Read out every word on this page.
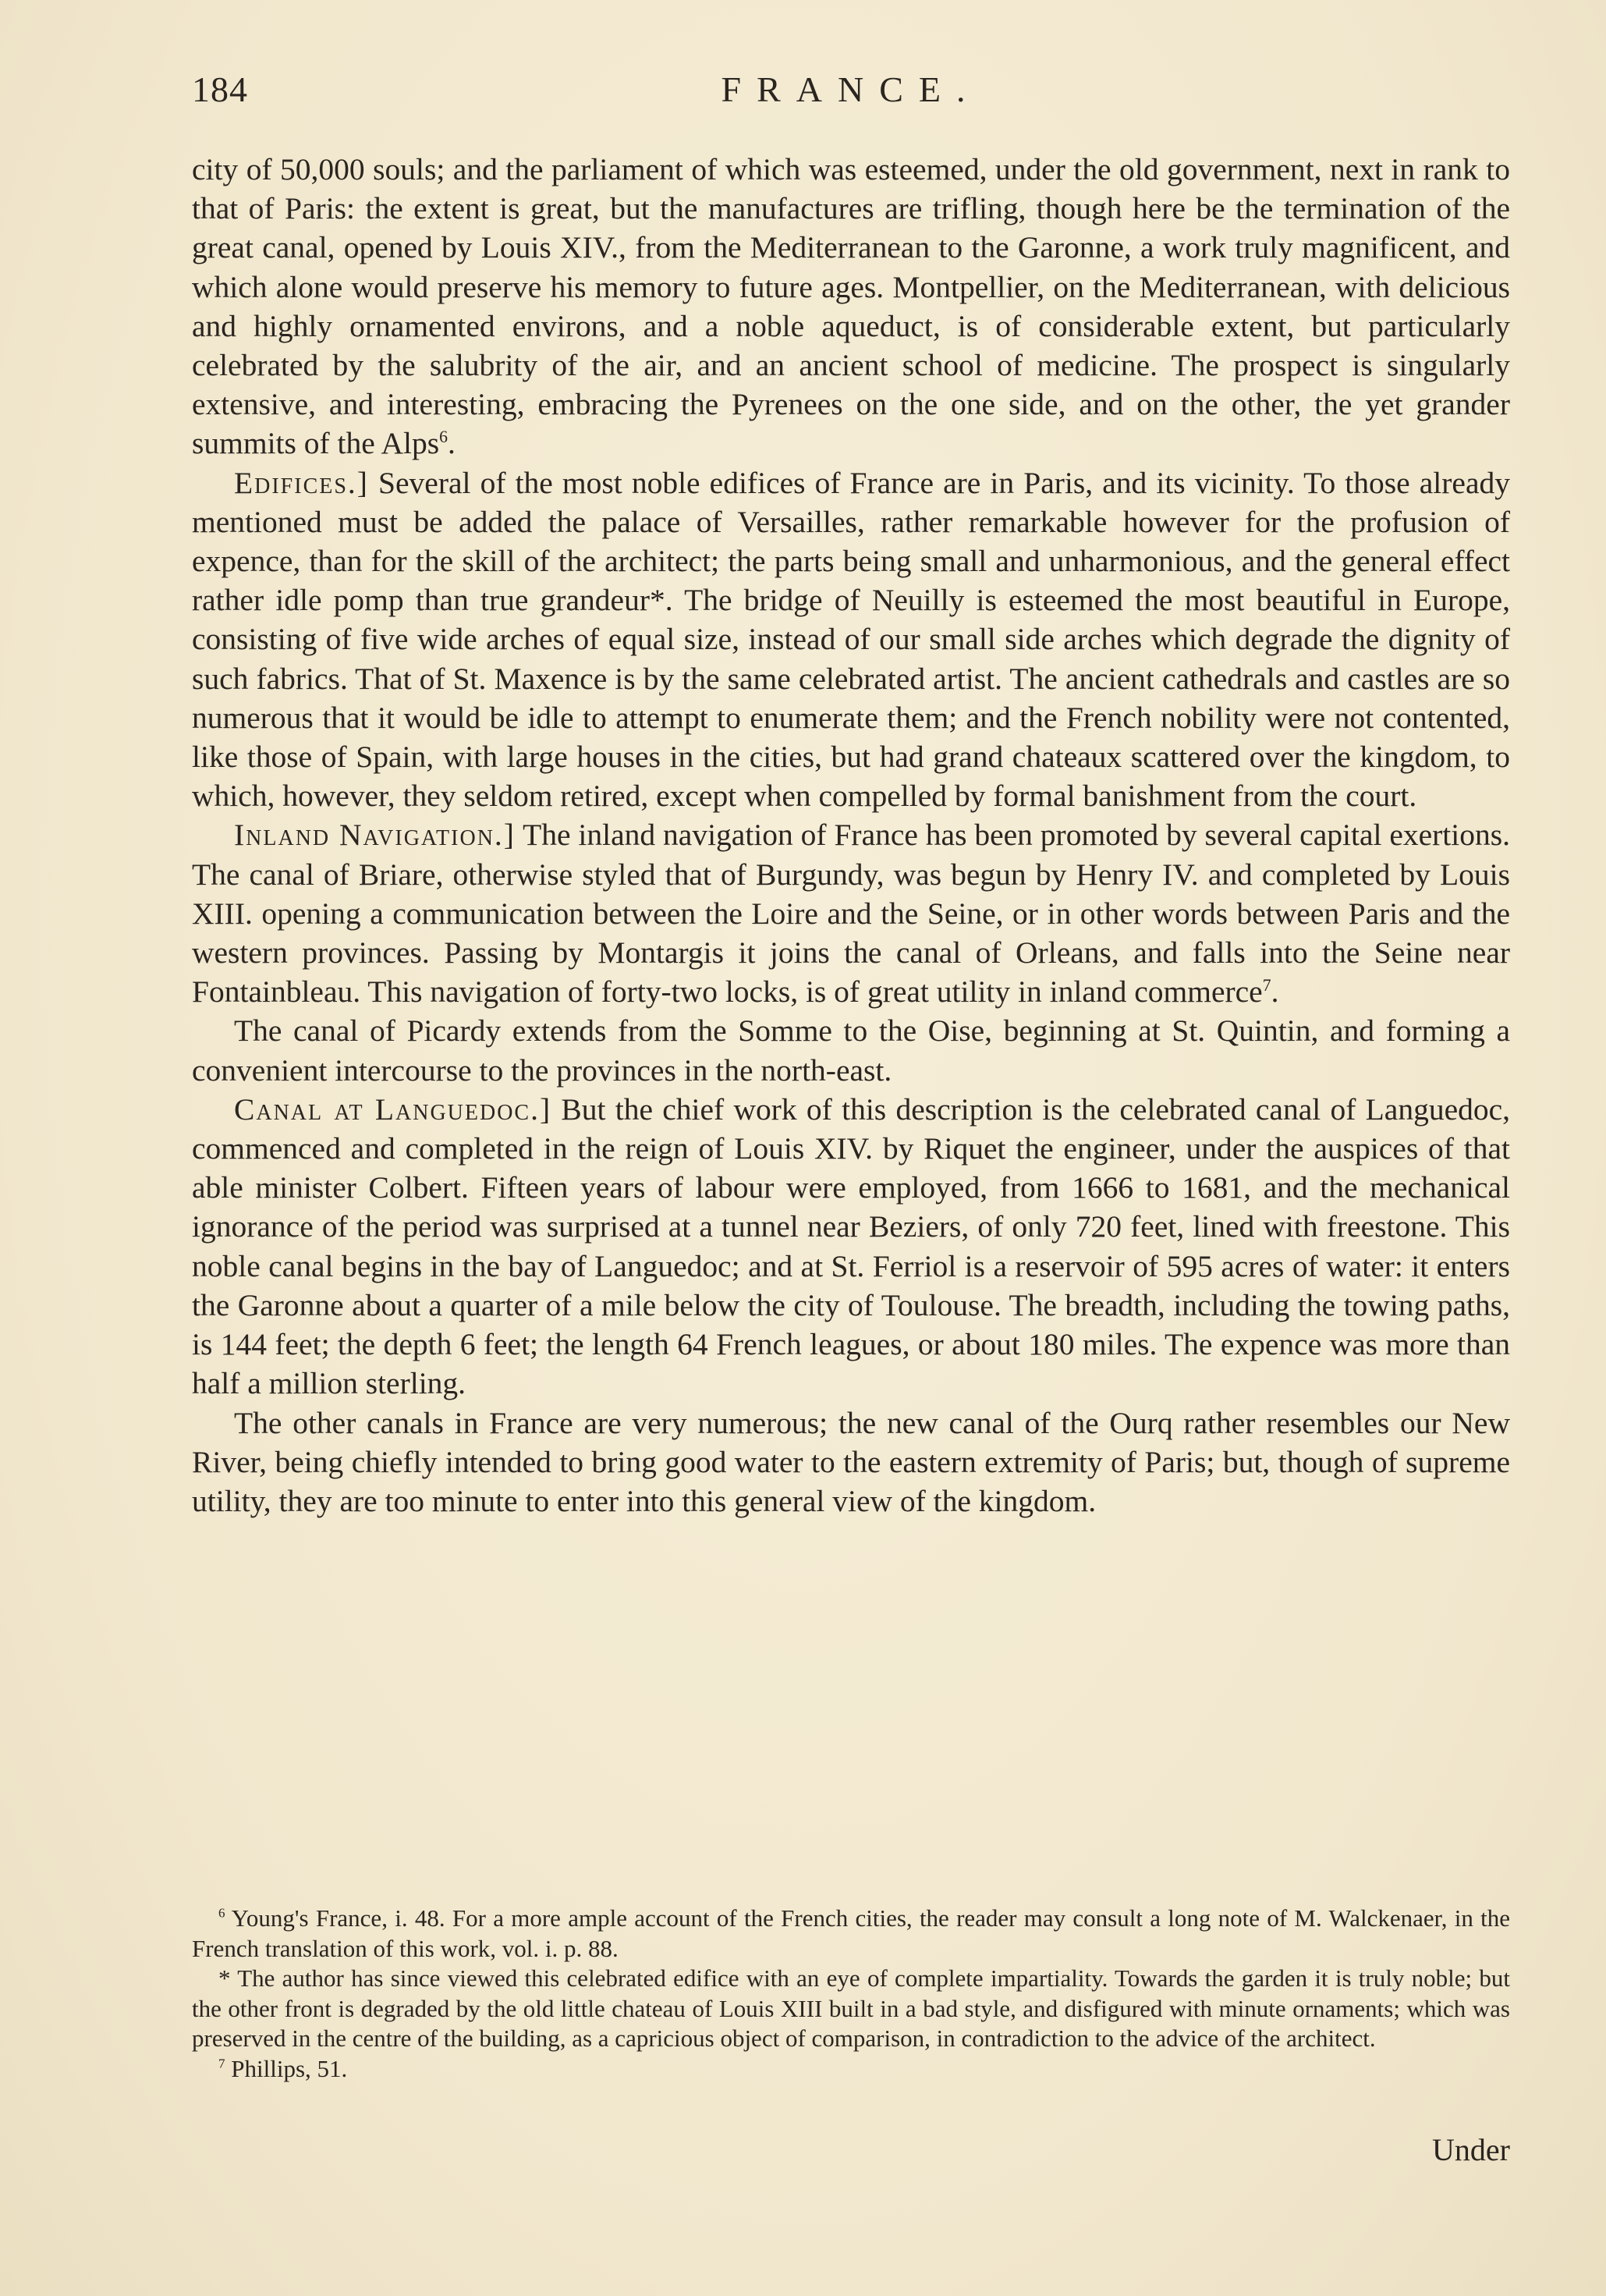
184	FRANCE.

city of 50,000 souls; and the parliament of which was esteemed, under the old government, next in rank to that of Paris: the extent is great, but the manufactures are trifling, though here be the termination of the great canal, opened by Louis XIV., from the Mediterranean to the Garonne, a work truly magnificent, and which alone would preserve his memory to future ages. Montpellier, on the Mediterranean, with delicious and highly ornamented environs, and a noble aqueduct, is of considerable extent, but particularly celebrated by the salubrity of the air, and an ancient school of medicine. The prospect is singularly extensive, and interesting, embracing the Pyrenees on the one side, and on the other, the yet grander summits of the Alps$^6$.

Edifices.] Several of the most noble edifices of France are in Paris, and its vicinity. To those already mentioned must be added the palace of Versailles, rather remarkable however for the profusion of expence, than for the skill of the architect; the parts being small and unharmonious, and the general effect rather idle pomp than true grandeur*. The bridge of Neuilly is esteemed the most beautiful in Europe, consisting of five wide arches of equal size, instead of our small side arches which degrade the dignity of such fabrics. That of St. Maxence is by the same celebrated artist. The ancient cathedrals and castles are so numerous that it would be idle to attempt to enumerate them; and the French nobility were not contented, like those of Spain, with large houses in the cities, but had grand chateaux scattered over the kingdom, to which, however, they seldom retired, except when compelled by formal banishment from the court.

Inland Navigation.] The inland navigation of France has been promoted by several capital exertions. The canal of Briare, otherwise styled that of Burgundy, was begun by Henry IV. and completed by Louis XIII. opening a communication between the Loire and the Seine, or in other words between Paris and the western provinces. Passing by Montargis it joins the canal of Orleans, and falls into the Seine near Fontainbleau. This navigation of forty-two locks, is of great utility in inland commerce$^7$.

The canal of Picardy extends from the Somme to the Oise, beginning at St. Quintin, and forming a convenient intercourse to the provinces in the north-east.

Canal at Languedoc.] But the chief work of this description is the celebrated canal of Languedoc, commenced and completed in the reign of Louis XIV. by Riquet the engineer, under the auspices of that able minister Colbert. Fifteen years of labour were employed, from 1666 to 1681, and the mechanical ignorance of the period was surprised at a tunnel near Beziers, of only 720 feet, lined with freestone. This noble canal begins in the bay of Languedoc; and at St. Ferriol is a reservoir of 595 acres of water: it enters the Garonne about a quarter of a mile below the city of Toulouse. The breadth, including the towing paths, is 144 feet; the depth 6 feet; the length 64 French leagues, or about 180 miles. The expence was more than half a million sterling.

The other canals in France are very numerous; the new canal of the Ourq rather resembles our New River, being chiefly intended to bring good water to the eastern extremity of Paris; but, though of supreme utility, they are too minute to enter into this general view of the kingdom.

$^6$ Young's France, i. 48. For a more ample account of the French cities, the reader may consult a long note of M. Walckenaer, in the French translation of this work, vol. i. p. 88.

* The author has since viewed this celebrated edifice with an eye of complete impartiality. Towards the garden it is truly noble; but the other front is degraded by the old little chateau of Louis XIII built in a bad style, and disfigured with minute ornaments; which was preserved in the centre of the building, as a capricious object of comparison, in contradiction to the advice of the architect.

$^7$ Phillips, 51.

Under
